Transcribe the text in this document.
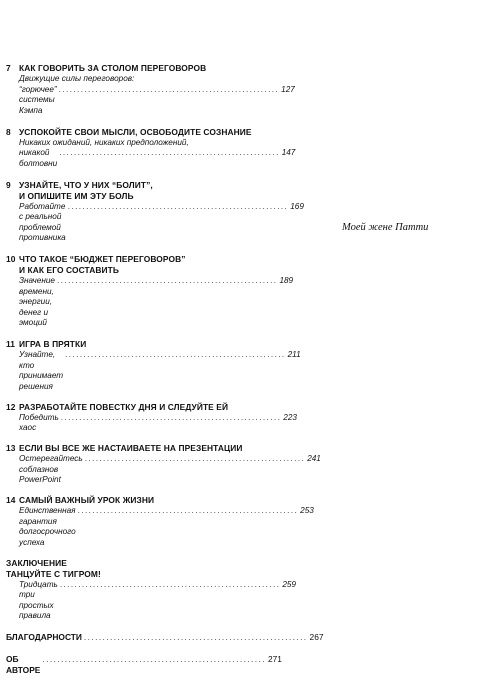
7 КАК ГОВОРИТЬ ЗА СТОЛОМ ПЕРЕГОВОРОВ
Движущие силы переговоров:
“горючее” системы Кэмпа
............................................................ 127
8 УСПОКОЙТЕ СВОИ МЫСЛИ, ОСВОБОДИТЕ СОЗНАНИЕ
Никаких ожиданий, никаких предположений,
никакой болтовни
............................................................ 147
9 УЗНАЙТЕ, ЧТО У НИХ “БОЛИТ”,
И ОПИШИТЕ ИМ ЭТУ БОЛЬ
Работайте с реальной проблемой противника
............................................................ 169
10 ЧТО ТАКОЕ “БЮДЖЕТ ПЕРЕГОВОРОВ”
И КАК ЕГО СОСТАВИТЬ
Значение времени, энергии, денег и эмоций
............................................................ 189
11 ИГРА В ПРЯТКИ
Узнайте, кто принимает решения
............................................................ 211
12 РАЗРАБОТАЙТЕ ПОВЕСТКУ ДНЯ И СЛЕДУЙТЕ ЕЙ
Победить хаос
............................................................ 223
13 ЕСЛИ ВЫ ВСЕ ЖЕ НАСТАИВАЕТЕ НА ПРЕЗЕНТАЦИИ
Остерегайтесь соблазнов PowerPoint
............................................................ 241
14 САМЫЙ ВАЖНЫЙ УРОК ЖИЗНИ
Единственная гарантия долгосрочного успеха
............................................................ 253
ЗАКЛЮЧЕНИЕ
ТАНЦУЙТЕ С ТИГРОМ!
Тридцать три простых правила
............................................................ 259
БЛАГОДАРНОСТИ ............................................................ 267
ОБ АВТОРЕ
............................................................ 271
Моей жене Патти
